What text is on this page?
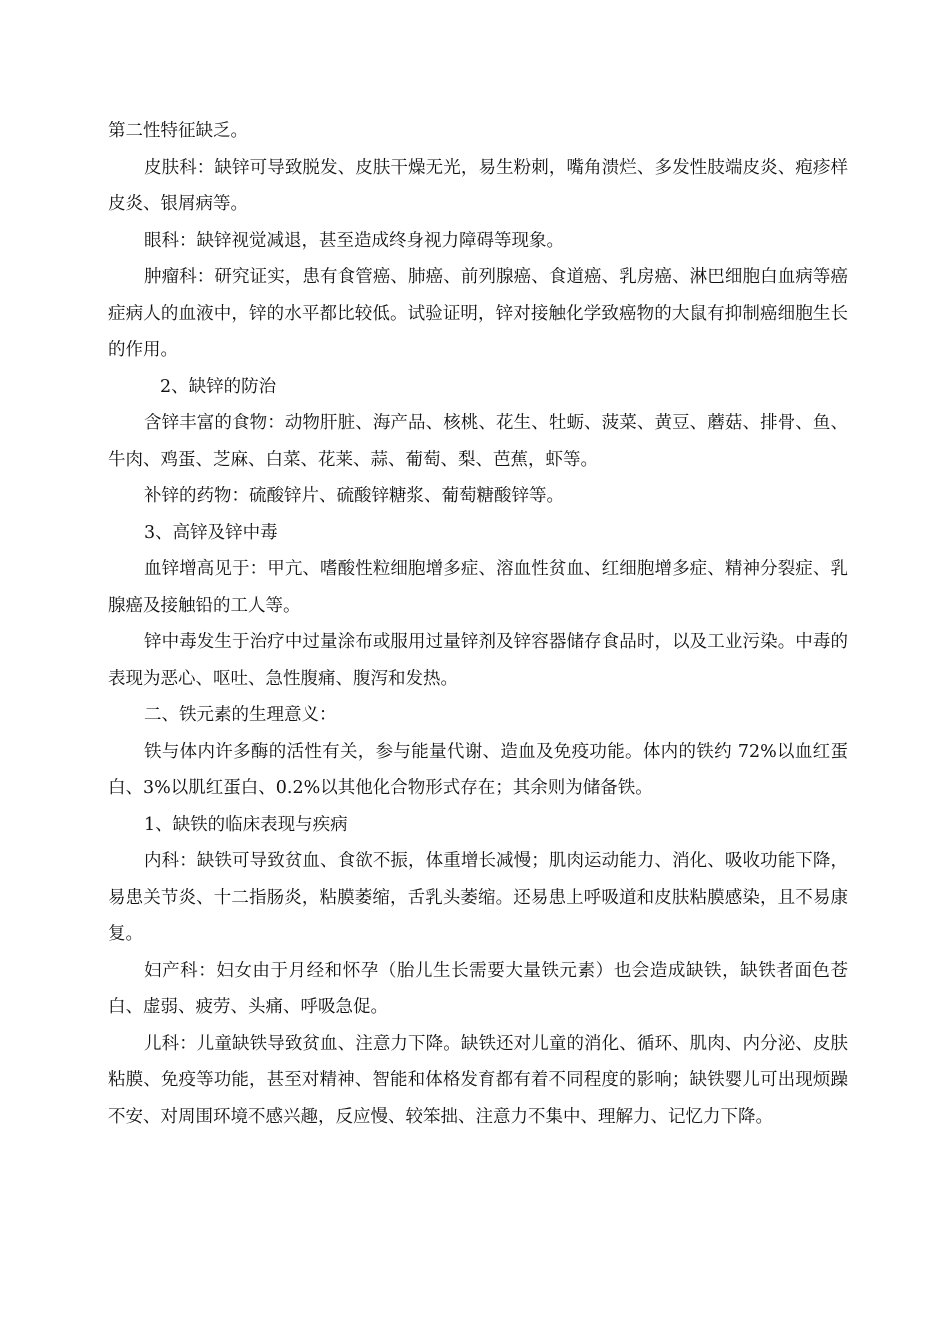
第二性特征缺乏。

皮肤科：缺锌可导致脱发、皮肤干燥无光，易生粉刺，嘴角溃烂、多发性肢端皮炎、疱疹样皮炎、银屑病等。

眼科：缺锌视觉减退，甚至造成终身视力障碍等现象。

肿瘤科：研究证实，患有食管癌、肺癌、前列腺癌、食道癌、乳房癌、淋巴细胞白血病等癌症病人的血液中，锌的水平都比较低。试验证明，锌对接触化学致癌物的大鼠有抑制癌细胞生长的作用。

2、缺锌的防治

含锌丰富的食物：动物肝脏、海产品、核桃、花生、牡蛎、菠菜、黄豆、蘑菇、排骨、鱼、牛肉、鸡蛋、芝麻、白菜、花莱、蒜、葡萄、梨、芭蕉，虾等。

补锌的药物：硫酸锌片、硫酸锌糖浆、葡萄糖酸锌等。

3、高锌及锌中毒

血锌增高见于：甲亢、嗜酸性粒细胞增多症、溶血性贫血、红细胞增多症、精神分裂症、乳腺癌及接触铅的工人等。

锌中毒发生于治疗中过量涂布或服用过量锌剂及锌容器储存食品时，以及工业污染。中毒的表现为恶心、呕吐、急性腹痛、腹泻和发热。

二、铁元素的生理意义：

铁与体内许多酶的活性有关，参与能量代谢、造血及免疫功能。体内的铁约 72%以血红蛋白、3%以肌红蛋白、0.2%以其他化合物形式存在；其余则为储备铁。

1、缺铁的临床表现与疾病

内科：缺铁可导致贫血、食欲不振，体重增长减慢；肌肉运动能力、消化、吸收功能下降，易患关节炎、十二指肠炎，粘膜萎缩，舌乳头萎缩。还易患上呼吸道和皮肤粘膜感染，且不易康复。

妇产科：妇女由于月经和怀孕（胎儿生长需要大量铁元素）也会造成缺铁，缺铁者面色苍白、虚弱、疲劳、头痛、呼吸急促。

儿科：儿童缺铁导致贫血、注意力下降。缺铁还对儿童的消化、循环、肌肉、内分泌、皮肤粘膜、免疫等功能，甚至对精神、智能和体格发育都有着不同程度的影响；缺铁婴儿可出现烦躁不安、对周围环境不感兴趣，反应慢、较笨拙、注意力不集中、理解力、记忆力下降。
